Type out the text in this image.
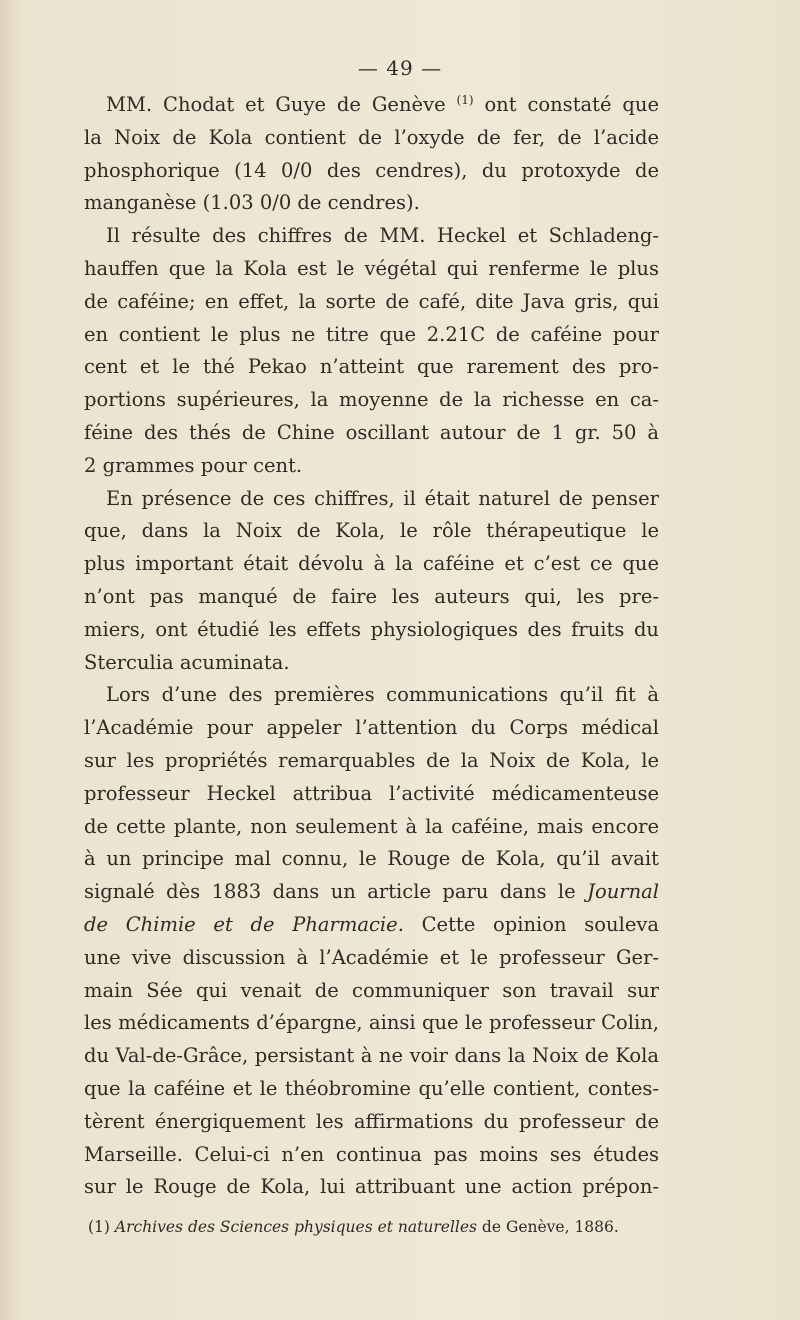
— 49 —
MM. Chodat et Guye de Genève $^{(1)}$ ont constaté que
la Noix de Kola contient de l’oxyde de fer, de l’acide
phosphorique (14 0/0 des cendres), du protoxyde de
manganèse (1.03 0/0 de cendres).
Il résulte des chiffres de MM. Heckel et Schladeng-
hauffen que la Kola est le végétal qui renferme le plus
de caféine; en effet, la sorte de café, dite Java gris, qui
en contient le plus ne titre que 2.21C de caféine pour
cent et le thé Pekao n’atteint que rarement des pro-
portions supérieures, la moyenne de la richesse en ca-
féine des thés de Chine oscillant autour de 1 gr. 50 à
2 grammes pour cent.
En présence de ces chiffres, il était naturel de penser
que, dans la Noix de Kola, le rôle thérapeutique le
plus important était dévolu à la caféine et c’est ce que
n’ont pas manqué de faire les auteurs qui, les pre-
miers, ont étudié les effets physiologiques des fruits du
Sterculia acuminata.
Lors d’une des premières communications qu’il fit à
l’Académie pour appeler l’attention du Corps médical
sur les propriétés remarquables de la Noix de Kola, le
professeur Heckel attribua l’activité médicamenteuse
de cette plante, non seulement à la caféine, mais encore
à un principe mal connu, le Rouge de Kola, qu’il avait
signalé dès 1883 dans un article paru dans le Journal
de Chimie et de Pharmacie. Cette opinion souleva
une vive discussion à l’Académie et le professeur Ger-
main Sée qui venait de communiquer son travail sur
les médicaments d’épargne, ainsi que le professeur Colin,
du Val-de-Grâce, persistant à ne voir dans la Noix de Kola
que la caféine et le théobromine qu’elle contient, contes-
tèrent énergiquement les affirmations du professeur de
Marseille. Celui-ci n’en continua pas moins ses études
sur le Rouge de Kola, lui attribuant une action prépon-
(1) Archives des Sciences physiques et naturelles de Genève, 1886.
